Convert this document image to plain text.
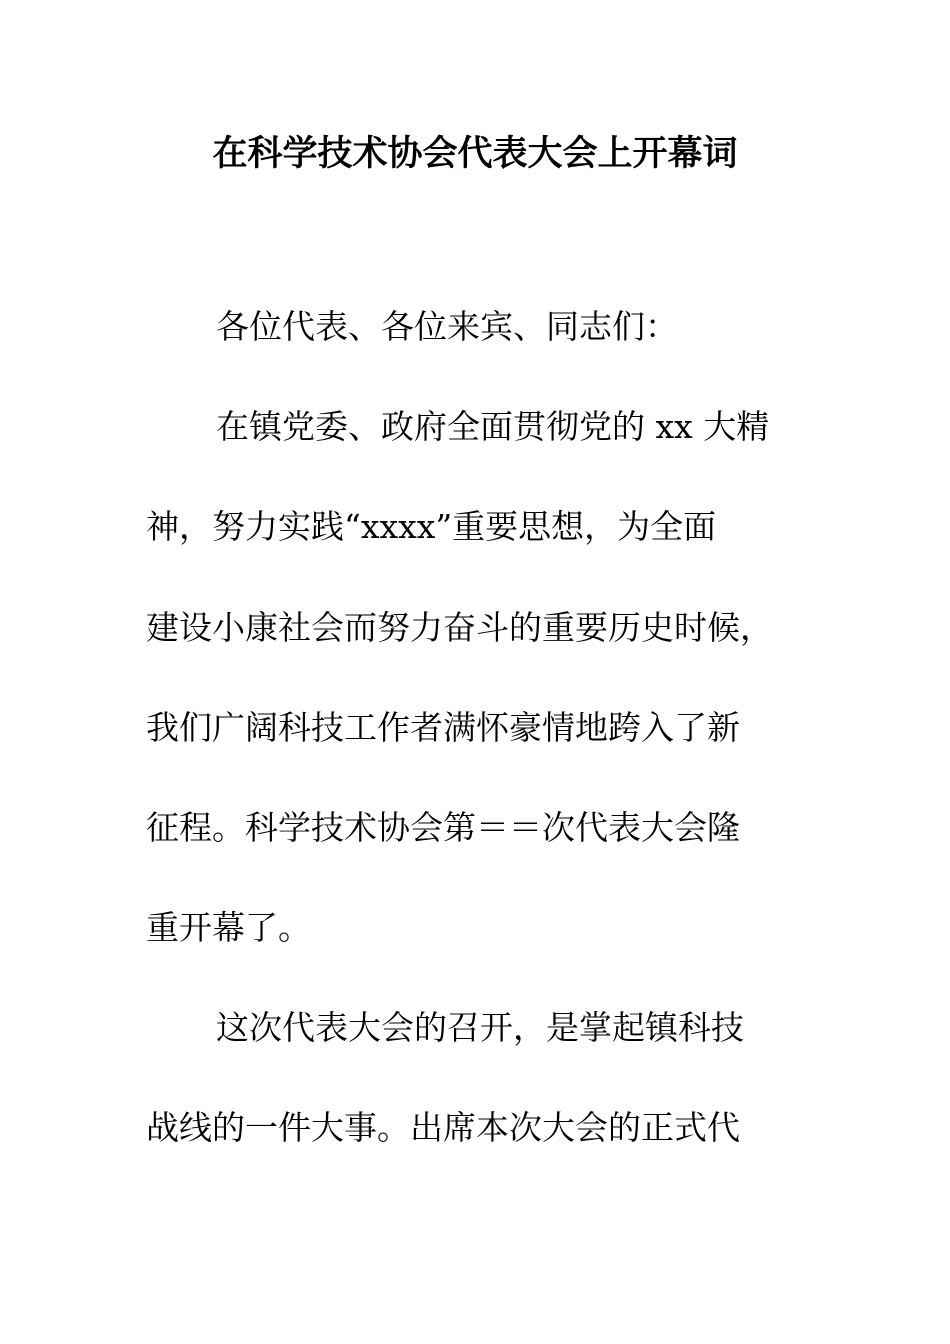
在科学技术协会代表大会上开幕词
各位代表、各位来宾、同志们：
在镇党委、政府全面贯彻党的 xx 大精
神，努力实践“xxxx”重要思想，为全面
建设小康社会而努力奋斗的重要历史时候，
我们广阔科技工作者满怀豪情地跨入了新
征程。科学技术协会第＝＝次代表大会隆
重开幕了。
这次代表大会的召开，是掌起镇科技
战线的一件大事。出席本次大会的正式代
